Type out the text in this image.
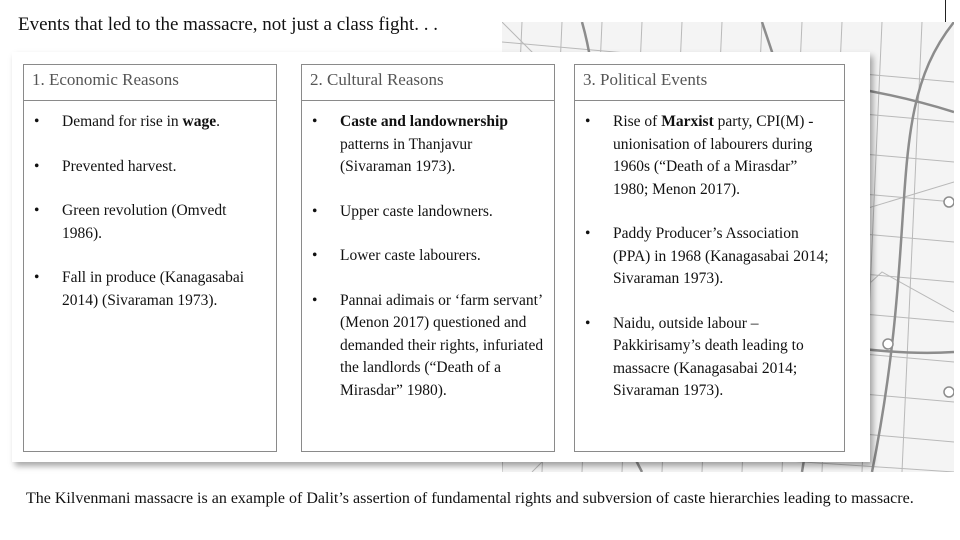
Events that led to the massacre, not just a class fight. . .
1. Economic Reasons
• Demand for rise in wage.
• Prevented harvest.
• Green revolution (Omvedt 1986).
• Fall in produce (Kanagasabai 2014) (Sivaraman 1973).
2. Cultural Reasons
• Caste and landownership patterns in Thanjavur (Sivaraman 1973).
• Upper caste landowners.
• Lower caste labourers.
• Pannai adimais or ‘farm servant’ (Menon 2017) questioned and demanded their rights, infuriated the landlords (“Death of a Mirasdar” 1980).
3. Political Events
• Rise of Marxist party, CPI(M) - unionisation of labourers during 1960s (“Death of a Mirasdar” 1980; Menon 2017).
• Paddy Producer’s Association (PPA) in 1968 (Kanagasabai 2014; Sivaraman 1973).
• Naidu, outside labour – Pakkirisamy’s death leading to massacre (Kanagasabai 2014; Sivaraman 1973).
The Kilvenmani massacre is an example of Dalit’s assertion of fundamental rights and subversion of caste hierarchies leading to massacre.
